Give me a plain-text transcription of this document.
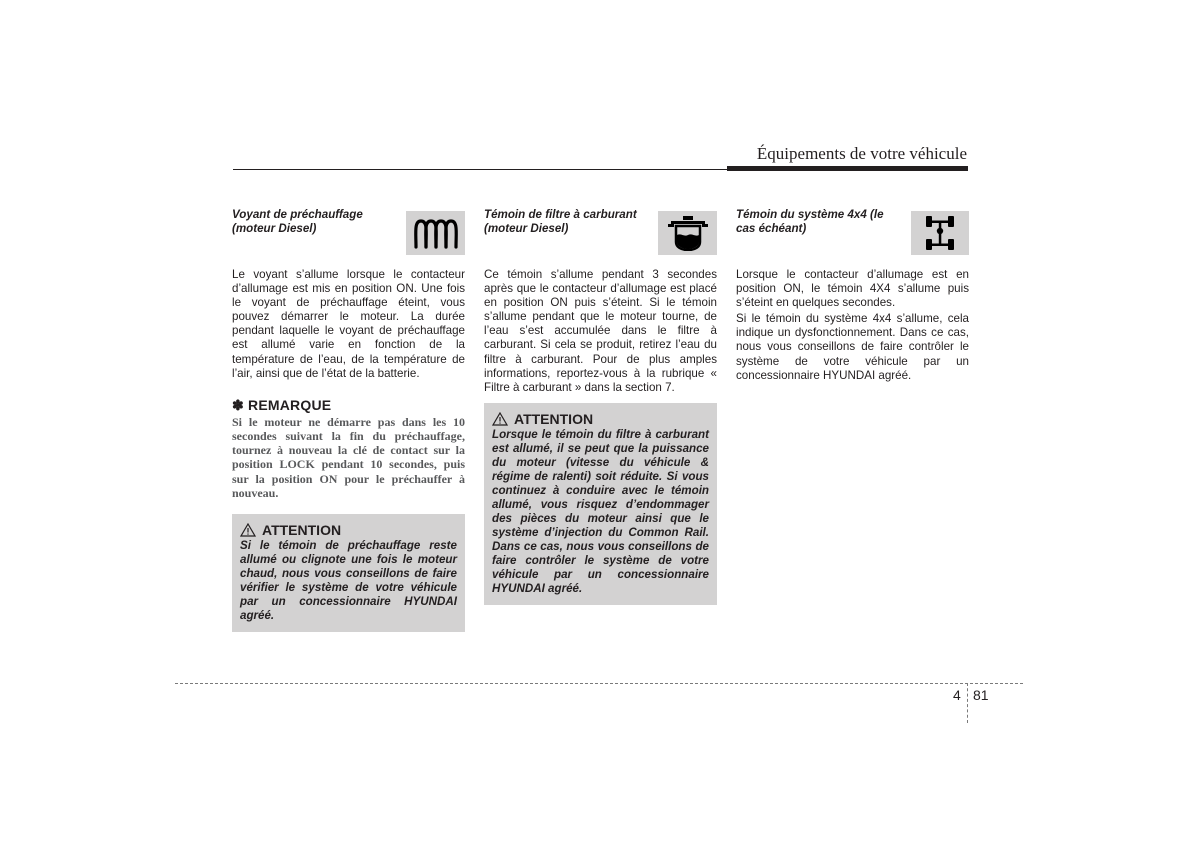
Équipements de votre véhicule
Voyant de préchauffage (moteur Diesel)

Le voyant s’allume lorsque le contacteur d’allumage est mis en position ON. Une fois le voyant de préchauffage éteint, vous pouvez démarrer le moteur. La durée pendant laquelle le voyant de préchauffage est allumé varie en fonction de la température de l’eau, de la température de l’air, ainsi que de l’état de la batterie.

✽ REMARQUE
Si le moteur ne démarre pas dans les 10 secondes suivant la fin du préchauffage, tournez à nouveau la clé de contact sur la position LOCK pendant 10 secondes, puis sur la position ON pour le préchauffer à nouveau.
ATTENTION
Si le témoin de préchauffage reste allumé ou clignote une fois le moteur chaud, nous vous conseillons de faire vérifier le système de votre véhicule par un concessionnaire HYUNDAI agréé.
Témoin de filtre à carburant (moteur Diesel)

Ce témoin s’allume pendant 3 secondes après que le contacteur d’allumage est placé en position ON puis s’éteint. Si le témoin s’allume pendant que le moteur tourne, de l’eau s’est accumulée dans le filtre à carburant. Si cela se produit, retirez l’eau du filtre à carburant. Pour de plus amples informations, reportez-vous à la rubrique « Filtre à carburant » dans la section 7.

ATTENTION
Lorsque le témoin du filtre à carburant est allumé, il se peut que la puissance du moteur (vitesse du véhicule & régime de ralenti) soit réduite. Si vous continuez à conduire avec le témoin allumé, vous risquez d’endommager des pièces du moteur ainsi que le système d’injection du Common Rail. Dans ce cas, nous vous conseillons de faire contrôler le système de votre véhicule par un concessionnaire HYUNDAI agréé.
Témoin du système 4x4 (le cas échéant)

Lorsque le contacteur d’allumage est en position ON, le témoin 4X4 s’allume puis s’éteint en quelques secondes.

Si le témoin du système 4x4 s’allume, cela indique un dysfonctionnement. Dans ce cas, nous vous conseillons de faire contrôler le système de votre véhicule par un concessionnaire HYUNDAI agréé.

4 81
